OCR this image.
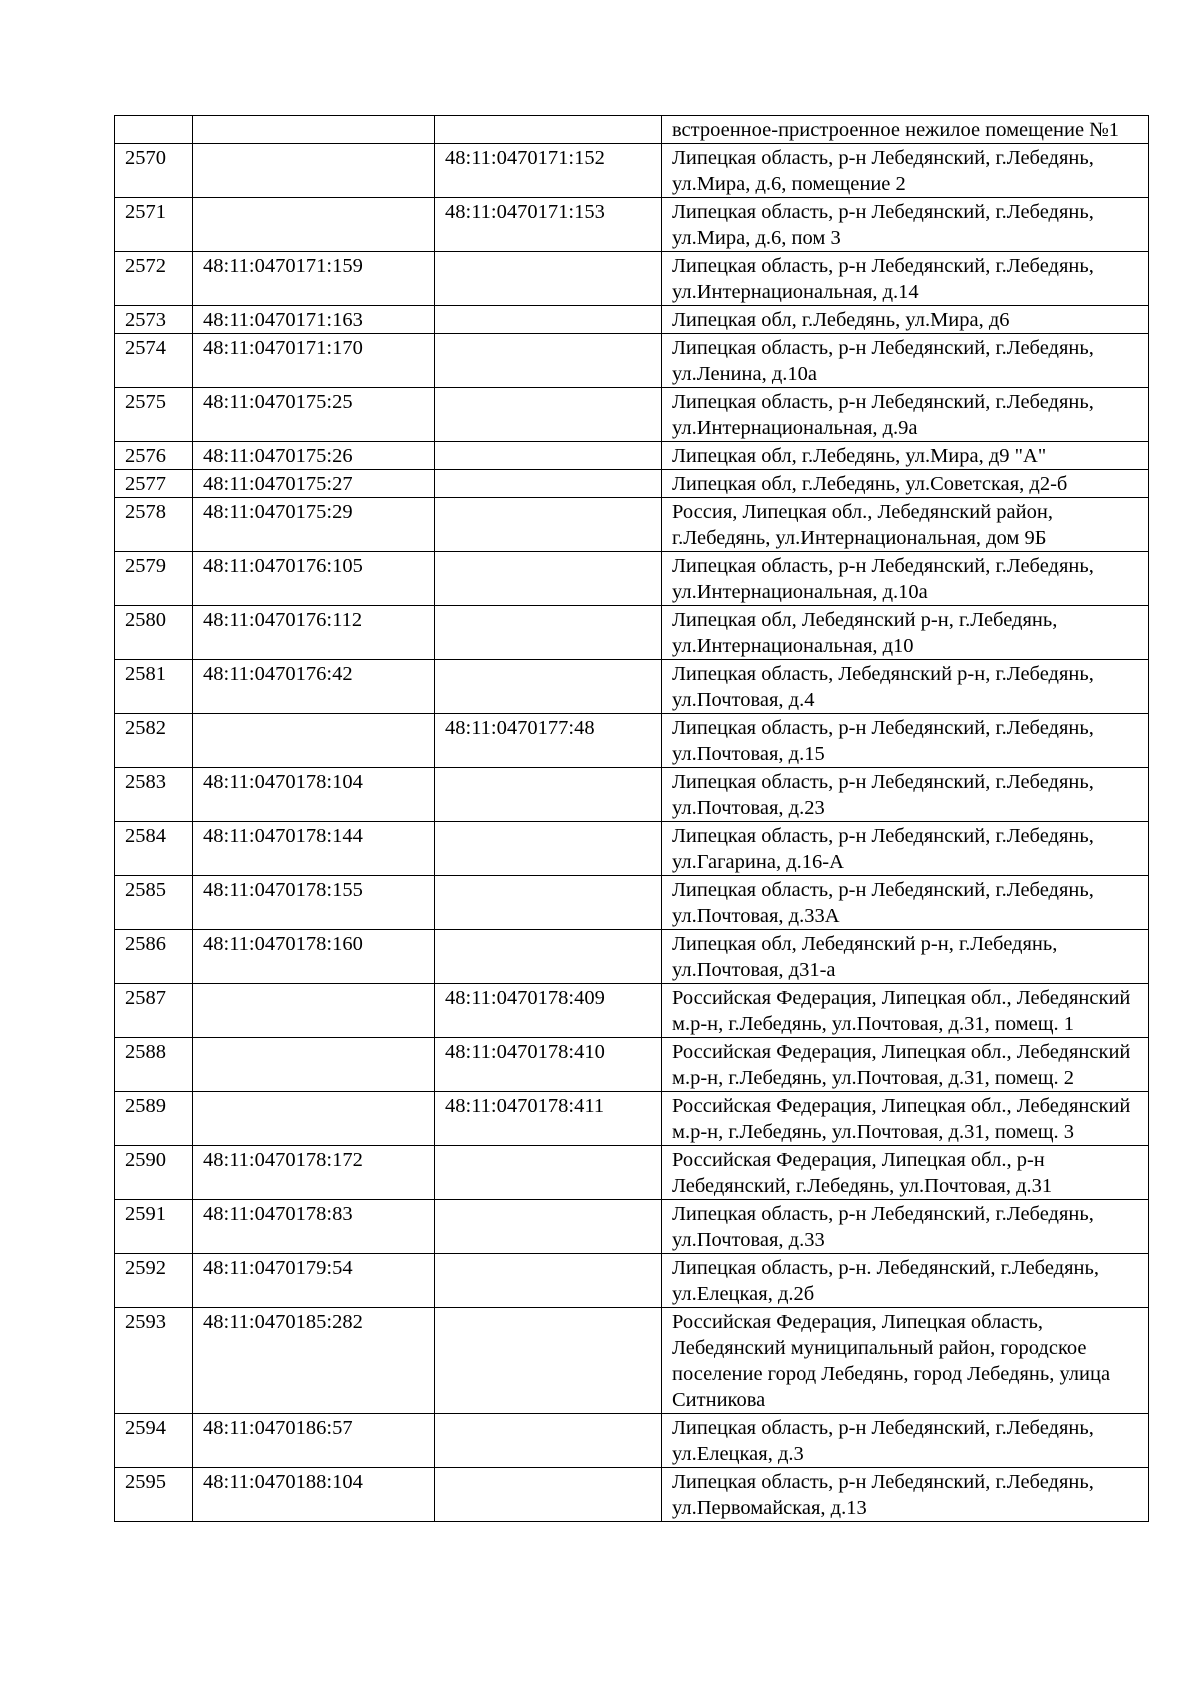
			встроенное-пристроенное нежилое помещение №1
2570		48:11:0470171:152	Липецкая область, р-н Лебедянский, г.Лебедянь, ул.Мира, д.6, помещение 2
2571		48:11:0470171:153	Липецкая область, р-н Лебедянский, г.Лебедянь, ул.Мира, д.6, пом 3
2572	48:11:0470171:159		Липецкая область, р-н Лебедянский, г.Лебедянь, ул.Интернациональная, д.14
2573	48:11:0470171:163		Липецкая обл, г.Лебедянь, ул.Мира, д6
2574	48:11:0470171:170		Липецкая область, р-н Лебедянский, г.Лебедянь, ул.Ленина, д.10а
2575	48:11:0470175:25		Липецкая область, р-н Лебедянский, г.Лебедянь, ул.Интернациональная, д.9а
2576	48:11:0470175:26		Липецкая обл, г.Лебедянь, ул.Мира, д9 "А"
2577	48:11:0470175:27		Липецкая обл, г.Лебедянь, ул.Советская, д2-б
2578	48:11:0470175:29		Россия, Липецкая обл., Лебедянский район, г.Лебедянь, ул.Интернациональная, дом 9Б
2579	48:11:0470176:105		Липецкая область, р-н Лебедянский, г.Лебедянь, ул.Интернациональная, д.10а
2580	48:11:0470176:112		Липецкая обл, Лебедянский р-н, г.Лебедянь, ул.Интернациональная, д10
2581	48:11:0470176:42		Липецкая область, Лебедянский р-н, г.Лебедянь, ул.Почтовая, д.4
2582		48:11:0470177:48	Липецкая область, р-н Лебедянский, г.Лебедянь, ул.Почтовая, д.15
2583	48:11:0470178:104		Липецкая область, р-н Лебедянский, г.Лебедянь, ул.Почтовая, д.23
2584	48:11:0470178:144		Липецкая область, р-н Лебедянский, г.Лебедянь, ул.Гагарина, д.16-А
2585	48:11:0470178:155		Липецкая область, р-н Лебедянский, г.Лебедянь, ул.Почтовая, д.33А
2586	48:11:0470178:160		Липецкая обл, Лебедянский р-н, г.Лебедянь, ул.Почтовая, д31-а
2587		48:11:0470178:409	Российская Федерация, Липецкая обл., Лебедянский м.р-н, г.Лебедянь, ул.Почтовая, д.31, помещ. 1
2588		48:11:0470178:410	Российская Федерация, Липецкая обл., Лебедянский м.р-н, г.Лебедянь, ул.Почтовая, д.31, помещ. 2
2589		48:11:0470178:411	Российская Федерация, Липецкая обл., Лебедянский м.р-н, г.Лебедянь, ул.Почтовая, д.31, помещ. 3
2590	48:11:0470178:172		Российская Федерация, Липецкая обл., р-н Лебедянский, г.Лебедянь, ул.Почтовая, д.31
2591	48:11:0470178:83		Липецкая область, р-н Лебедянский, г.Лебедянь, ул.Почтовая, д.33
2592	48:11:0470179:54		Липецкая область, р-н. Лебедянский, г.Лебедянь, ул.Елецкая, д.2б
2593	48:11:0470185:282		Российская Федерация, Липецкая область, Лебедянский муниципальный район, городское поселение город Лебедянь, город Лебедянь, улица Ситникова
2594	48:11:0470186:57		Липецкая область, р-н Лебедянский, г.Лебедянь, ул.Елецкая, д.3
2595	48:11:0470188:104		Липецкая область, р-н Лебедянский, г.Лебедянь, ул.Первомайская, д.13
